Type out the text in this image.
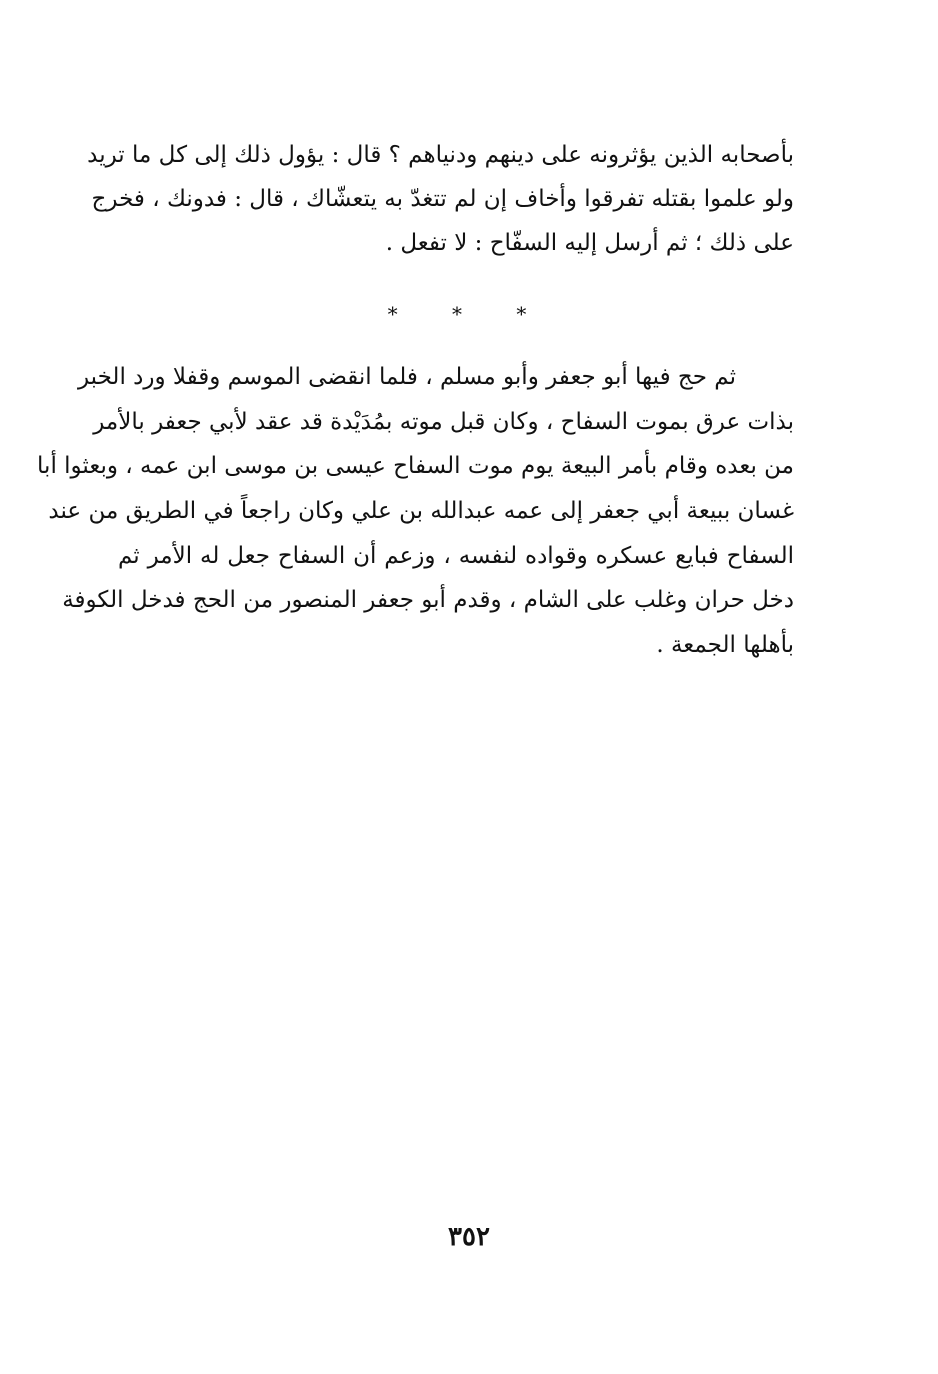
بأصحابه الذين يؤثرونه على دينهم ودنياهم ؟ قال : يؤول ذلك إلى كل ما تريد
ولو علموا بقتله تفرقوا وأخاف إن لم تتغدّ به يتعشّاك ، قال : فدونك ، فخرج
على ذلك ؛ ثم أرسل إليه السفّاح : لا تفعل .
* * *
ثم حج فيها أبو جعفر وأبو مسلم ، فلما انقضى الموسم وقفلا ورد الخبر
بذات عرق بموت السفاح ، وكان قبل موته بمُدَيْدة قد عقد لأبي جعفر بالأمر
من بعده وقام بأمر البيعة يوم موت السفاح عيسى بن موسى ابن عمه ، وبعثوا أبا
غسان ببيعة أبي جعفر إلى عمه عبدالله بن علي وكان راجعاً في الطريق من عند
السفاح فبايع عسكره وقواده لنفسه ، وزعم أن السفاح جعل له الأمر ثم
دخل حران وغلب على الشام ، وقدم أبو جعفر المنصور من الحج فدخل الكوفة
بأهلها الجمعة .
٣٥٢
